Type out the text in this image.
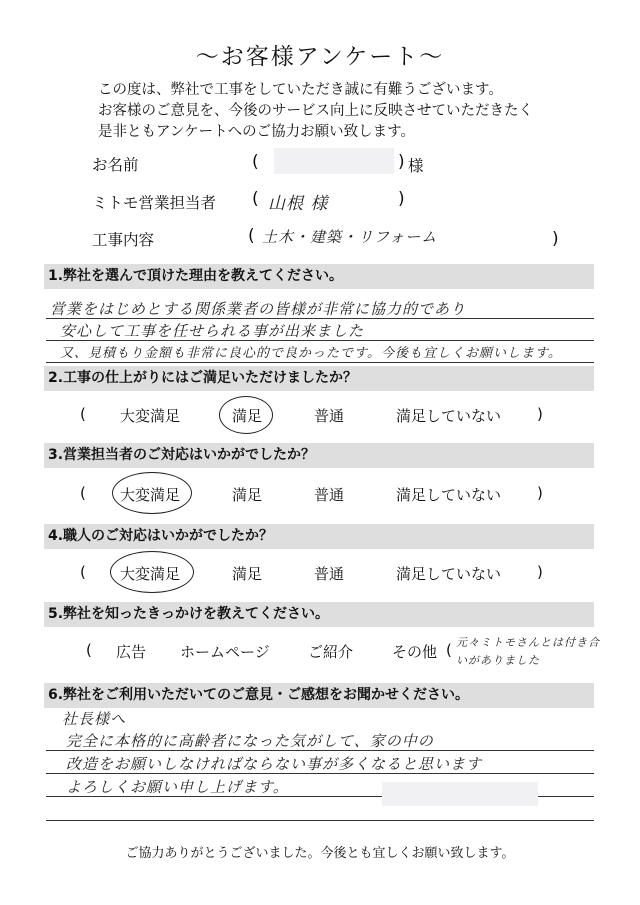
〜お客様アンケート〜
この度は、弊社で工事をしていただき誠に有難うございます。
お客様のご意見を、今後のサービス向上に反映させていただきたく
是非ともアンケートへのご協力お願い致します。
お名前	(	) 様
ミトモ営業担当者 ( 山根 様	)
工事内容	( 土木・建築・リフォーム	)
1.弊社を選んで頂けた理由を教えてください。
営業をはじめとする関係業者の皆様が非常に協力的であり
安心して工事を任せられる事が出来ました
又、見積もり金額も非常に良心的で良かったです。今後も宜しくお願いします。
2.工事の仕上がりにはご満足いただけましたか？
( 大変満足	満足	普通	満足していない )
3.営業担当者のご対応はいかがでしたか？
( 大変満足	満足	普通	満足していない )
4.職人のご対応はいかがでしたか？
( 大変満足	満足	普通	満足していない )
5.弊社を知ったきっかけを教えてください。
( 広告 ホームページ	ご紹介	その他 ( 元々ミトモさんとは付き合いがありました
6.弊社をご利用いただいてのご意見・ご感想をお聞かせください。
社長様へ
完全に本格的に高齢者になった気がして、家の中の
改造をお願いしなければならない事が多くなると思います
よろしくお願い申し上げます。
ご協力ありがとうございました。今後とも宜しくお願い致します。
